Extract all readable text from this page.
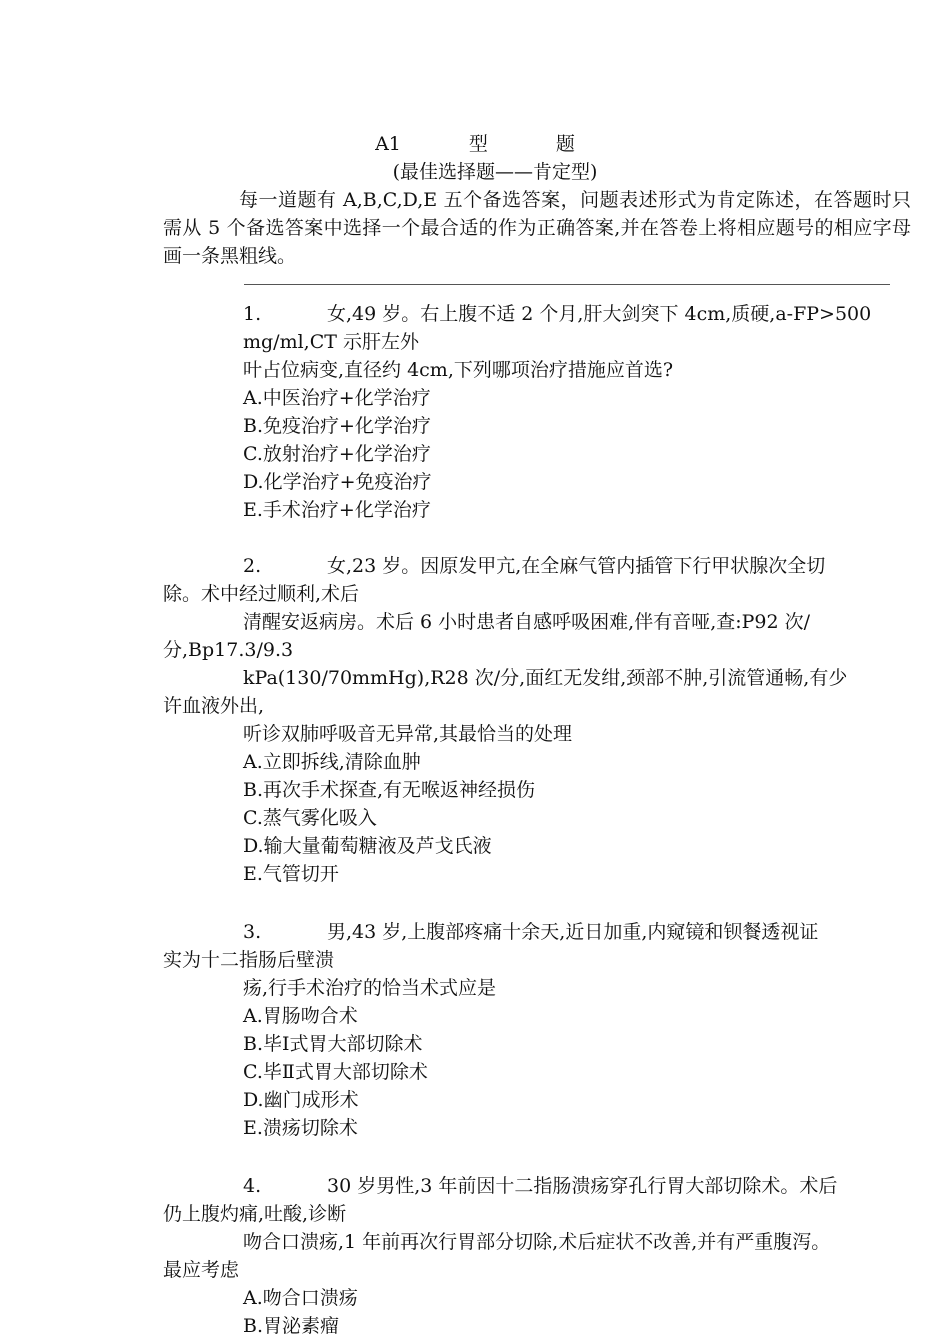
A1	型	题
(最佳选择题——肯定型)
每一道题有 A,B,C,D,E 五个备选答案，问题表述形式为肯定陈述，在答题时只需从 5 个备选答案中选择一个最合适的作为正确答案,并在答卷上将相应题号的相应字母画一条黑粗线。
1.	女,49 岁。右上腹不适 2 个月,肝大剑突下 4cm,质硬,a-FP>500
mg/ml,CT 示肝左外
叶占位病变,直径约 4cm,下列哪项治疗措施应首选?
A.中医治疗+化学治疗
B.免疫治疗+化学治疗
C.放射治疗+化学治疗
D.化学治疗+免疫治疗
E.手术治疗+化学治疗
2.	女,23 岁。因原发甲亢,在全麻气管内插管下行甲状腺次全切
除。术中经过顺利,术后
清醒安返病房。术后 6 小时患者自感呼吸困难,伴有音哑,查:P92 次/
分,Bp17.3/9.3
kPa(130/70mmHg),R28 次/分,面红无发绀,颈部不肿,引流管通畅,有少
许血液外出,
听诊双肺呼吸音无异常,其最恰当的处理
A.立即拆线,清除血肿
B.再次手术探查,有无喉返神经损伤
C.蒸气雾化吸入
D.输大量葡萄糖液及芦戈氏液
E.气管切开
3.	男,43 岁,上腹部疼痛十余天,近日加重,内窥镜和钡餐透视证
实为十二指肠后壁溃
疡,行手术治疗的恰当术式应是
A.胃肠吻合术
B.毕Ⅰ式胃大部切除术
C.毕Ⅱ式胃大部切除术
D.幽门成形术
E.溃疡切除术
4.	30 岁男性,3 年前因十二指肠溃疡穿孔行胃大部切除术。术后
仍上腹灼痛,吐酸,诊断
吻合口溃疡,1 年前再次行胃部分切除,术后症状不改善,并有严重腹泻。
最应考虑
A.吻合口溃疡
B.胃泌素瘤
